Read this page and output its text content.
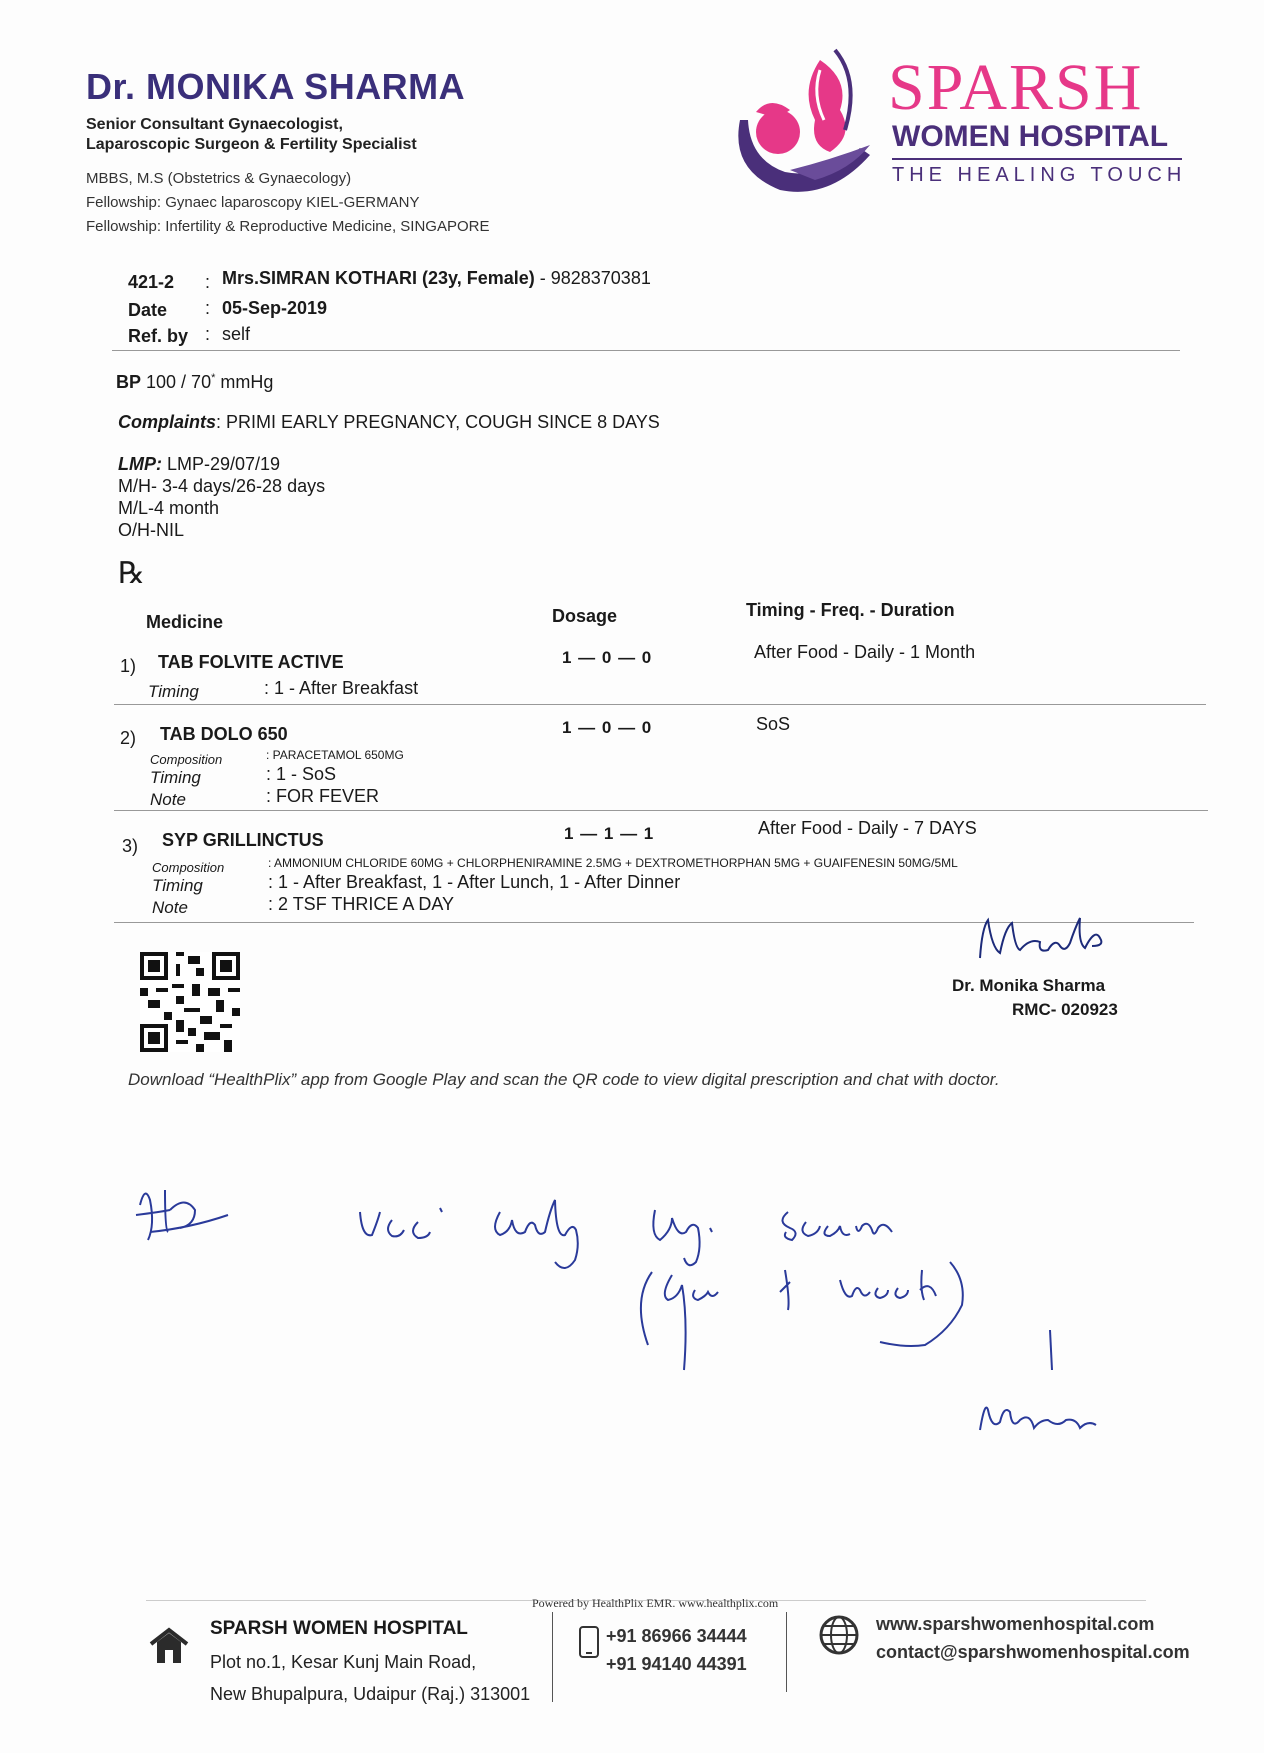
Dr. MONIKA SHARMA
Senior Consultant Gynaecologist,
Laparoscopic Surgeon & Fertility Specialist
MBBS, M.S (Obstetrics & Gynaecology)
Fellowship: Gynaec laparoscopy KIEL-GERMANY
Fellowship: Infertility & Reproductive Medicine, SINGAPORE
SPARSH
WOMEN HOSPITAL
THE HEALING TOUCH
421-2 : Mrs.SIMRAN KOTHARI (23y, Female) - 9828370381
Date : 05-Sep-2019
Ref. by : self
BP 100 / 70* mmHg
Complaints: PRIMI EARLY PREGNANCY, COUGH SINCE 8 DAYS
LMP: LMP-29/07/19
M/H- 3-4 days/26-28 days
M/L-4 month
O/H-NIL
℞
Medicine	Dosage	Timing - Freq. - Duration
1) TAB FOLVITE ACTIVE	1 — 0 — 0	After Food - Daily - 1 Month
Timing	: 1 - After Breakfast
2) TAB DOLO 650	1 — 0 — 0	SoS
Composition	: PARACETAMOL 650MG
Timing	: 1 - SoS
Note	: FOR FEVER
3) SYP GRILLINCTUS	1 — 1 — 1	After Food - Daily - 7 DAYS
Composition	: AMMONIUM CHLORIDE 60MG + CHLORPHENIRAMINE 2.5MG + DEXTROMETHORPHAN 5MG + GUAIFENESIN 50MG/5ML
Timing	: 1 - After Breakfast, 1 - After Lunch, 1 - After Dinner
Note	: 2 TSF THRICE A DAY
Dr. Monika Sharma
RMC- 020923
Download “HealthPlix” app from Google Play and scan the QR code to view digital prescription and chat with doctor.
Powered by HealthPlix EMR. www.healthplix.com
SPARSH WOMEN HOSPITAL
Plot no.1, Kesar Kunj Main Road,
New Bhupalpura, Udaipur (Raj.) 313001
+91 86966 34444
+91 94140 44391
www.sparshwomenhospital.com
contact@sparshwomenhospital.com
